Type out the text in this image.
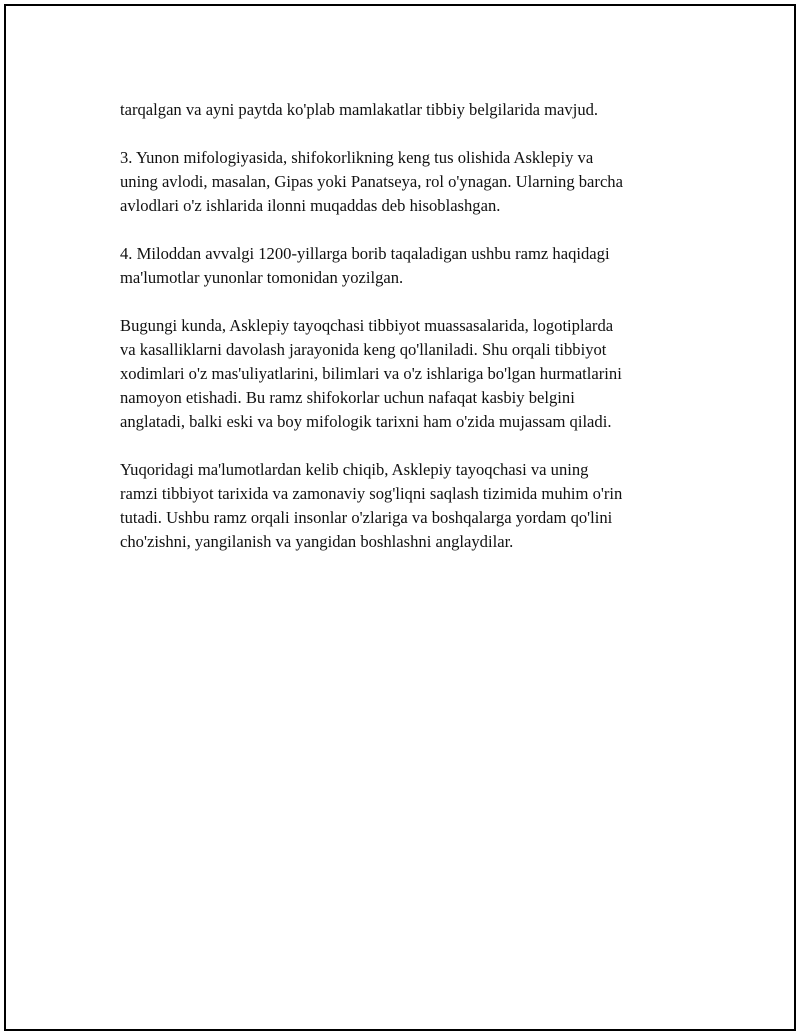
tarqalgan va ayni paytda ko'plab mamlakatlar tibbiy belgilarida mavjud.

3. Yunon mifologiyasida, shifokorlikning keng tus olishida Asklepiy va
uning avlodi, masalan, Gipas yoki Panatseya, rol o'ynagan. Ularning barcha
avlodlari o'z ishlarida ilonni muqaddas deb hisoblashgan.

4. Miloddan avvalgi 1200-yillarga borib taqaladigan ushbu ramz haqidagi
ma'lumotlar yunonlar tomonidan yozilgan.

Bugungi kunda, Asklepiy tayoqchasi tibbiyot muassasalarida, logotiplarda
va kasalliklarni davolash jarayonida keng qo'llaniladi. Shu orqali tibbiyot
xodimlari o'z mas'uliyatlarini, bilimlari va o'z ishlariga bo'lgan hurmatlarini
namoyon etishadi. Bu ramz shifokorlar uchun nafaqat kasbiy belgini
anglatadi, balki eski va boy mifologik tarixni ham o'zida mujassam qiladi.

Yuqoridagi ma'lumotlardan kelib chiqib, Asklepiy tayoqchasi va uning
ramzi tibbiyot tarixida va zamonaviy sog'liqni saqlash tizimida muhim o'rin
tutadi. Ushbu ramz orqali insonlar o'zlariga va boshqalarga yordam qo'lini
cho'zishni, yangilanish va yangidan boshlashni anglaydilar.
